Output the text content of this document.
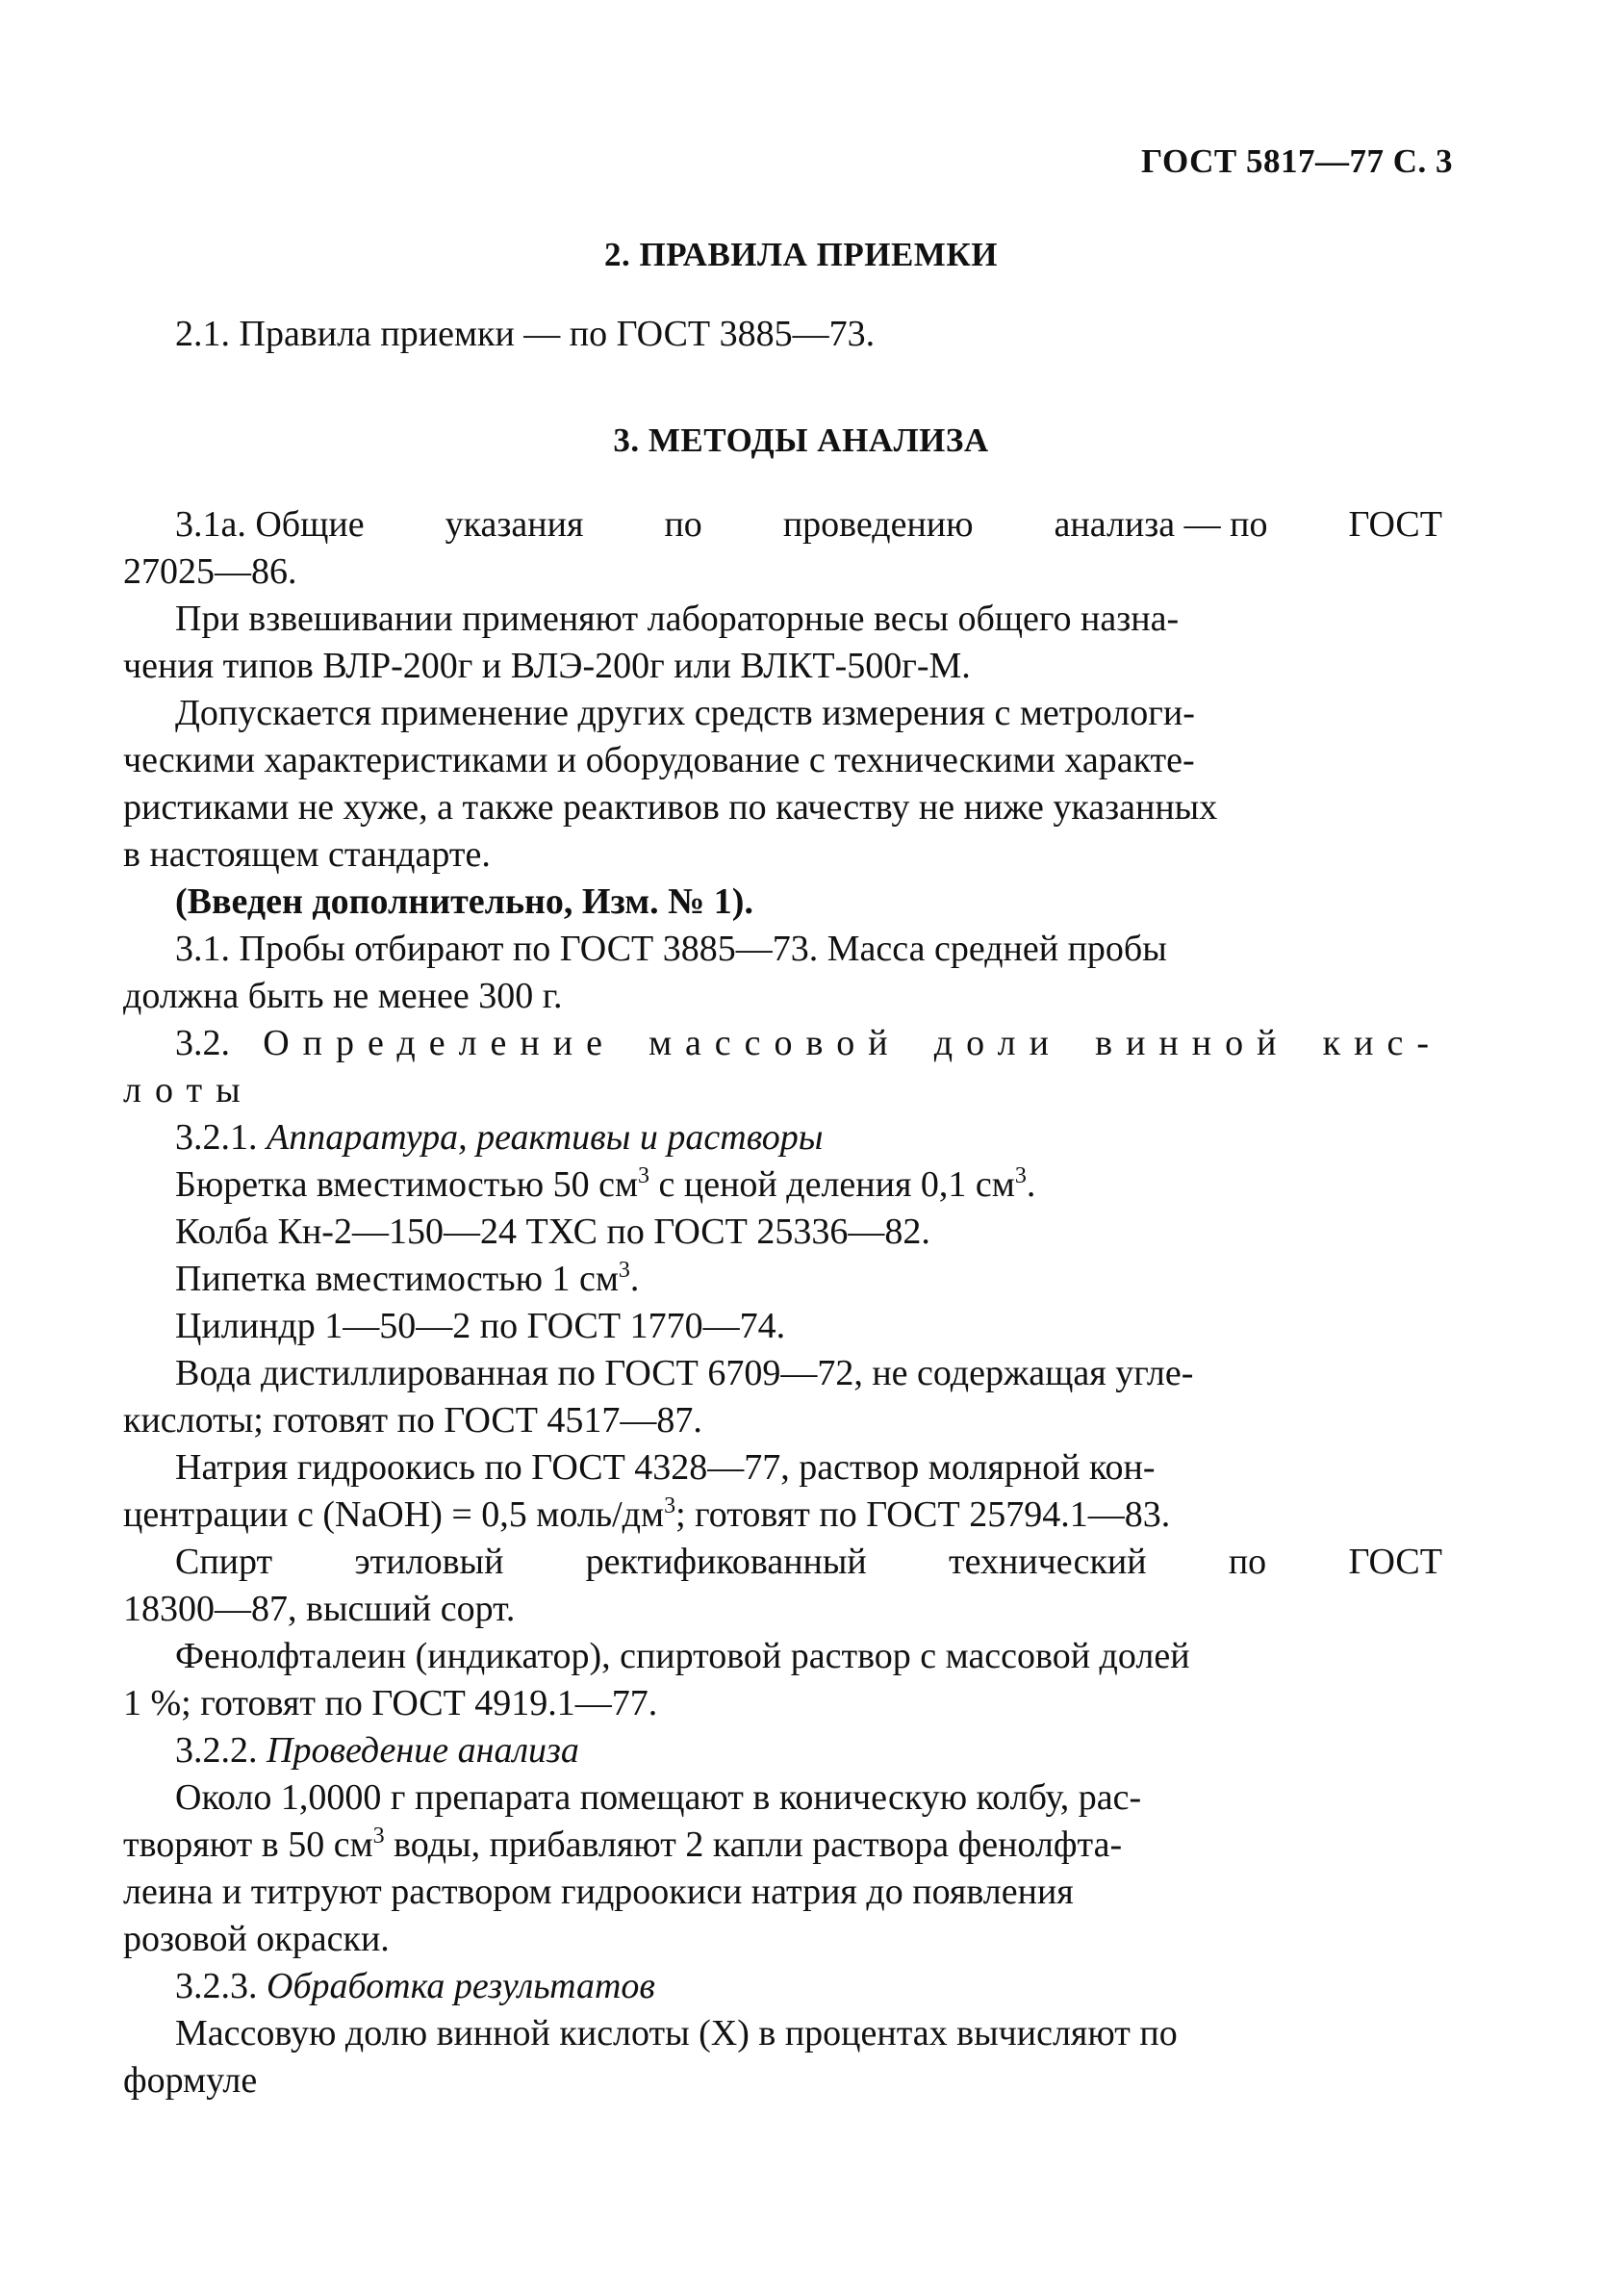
ГОСТ 5817—77 С. 3
2. ПРАВИЛА ПРИЕМКИ
2.1. Правила приемки — по ГОСТ 3885—73.
3. МЕТОДЫ АНАЛИЗА
3.1а. Общие указания по проведению анализа — по ГОСТ
27025—86.
При взвешивании применяют лабораторные весы общего назна-
чения типов ВЛР-200г и ВЛЭ-200г или ВЛКТ-500г-М.
Допускается применение других средств измерения с метрологи-
ческими характеристиками и оборудование с техническими характе-
ристиками не хуже, а также реактивов по качеству не ниже указанных
в настоящем стандарте.
(Введен дополнительно, Изм. № 1).
3.1. Пробы отбирают по ГОСТ 3885—73. Масса средней пробы
должна быть не менее 300 г.
3.2. Определение массовой доли винной кис-
лоты
3.2.1. Аппаратура, реактивы и растворы
Бюретка вместимостью 50 $см^3$ с ценой деления 0,1 $см^3$.
Колба Кн-2—150—24 ТХС по ГОСТ 25336—82.
Пипетка вместимостью 1 $см^3$.
Цилиндр 1—50—2 по ГОСТ 1770—74.
Вода дистиллированная по ГОСТ 6709—72, не содержащая угле-
кислоты; готовят по ГОСТ 4517—87.
Натрия гидроокись по ГОСТ 4328—77, раствор молярной кон-
центрации с (NaOH) = 0,5 моль/$дм^3$; готовят по ГОСТ 25794.1—83.
Спирт этиловый ректификованный технический по ГОСТ
18300—87, высший сорт.
Фенолфталеин (индикатор), спиртовой раствор с массовой долей
1 %; готовят по ГОСТ 4919.1—77.
3.2.2. Проведение анализа
Около 1,0000 г препарата помещают в коническую колбу, рас-
творяют в 50 $см^3$ воды, прибавляют 2 капли раствора фенолфта-
леина и титруют раствором гидроокиси натрия до появления
розовой окраски.
3.2.3. Обработка результатов
Массовую долю винной кислоты (X) в процентах вычисляют по
формуле
